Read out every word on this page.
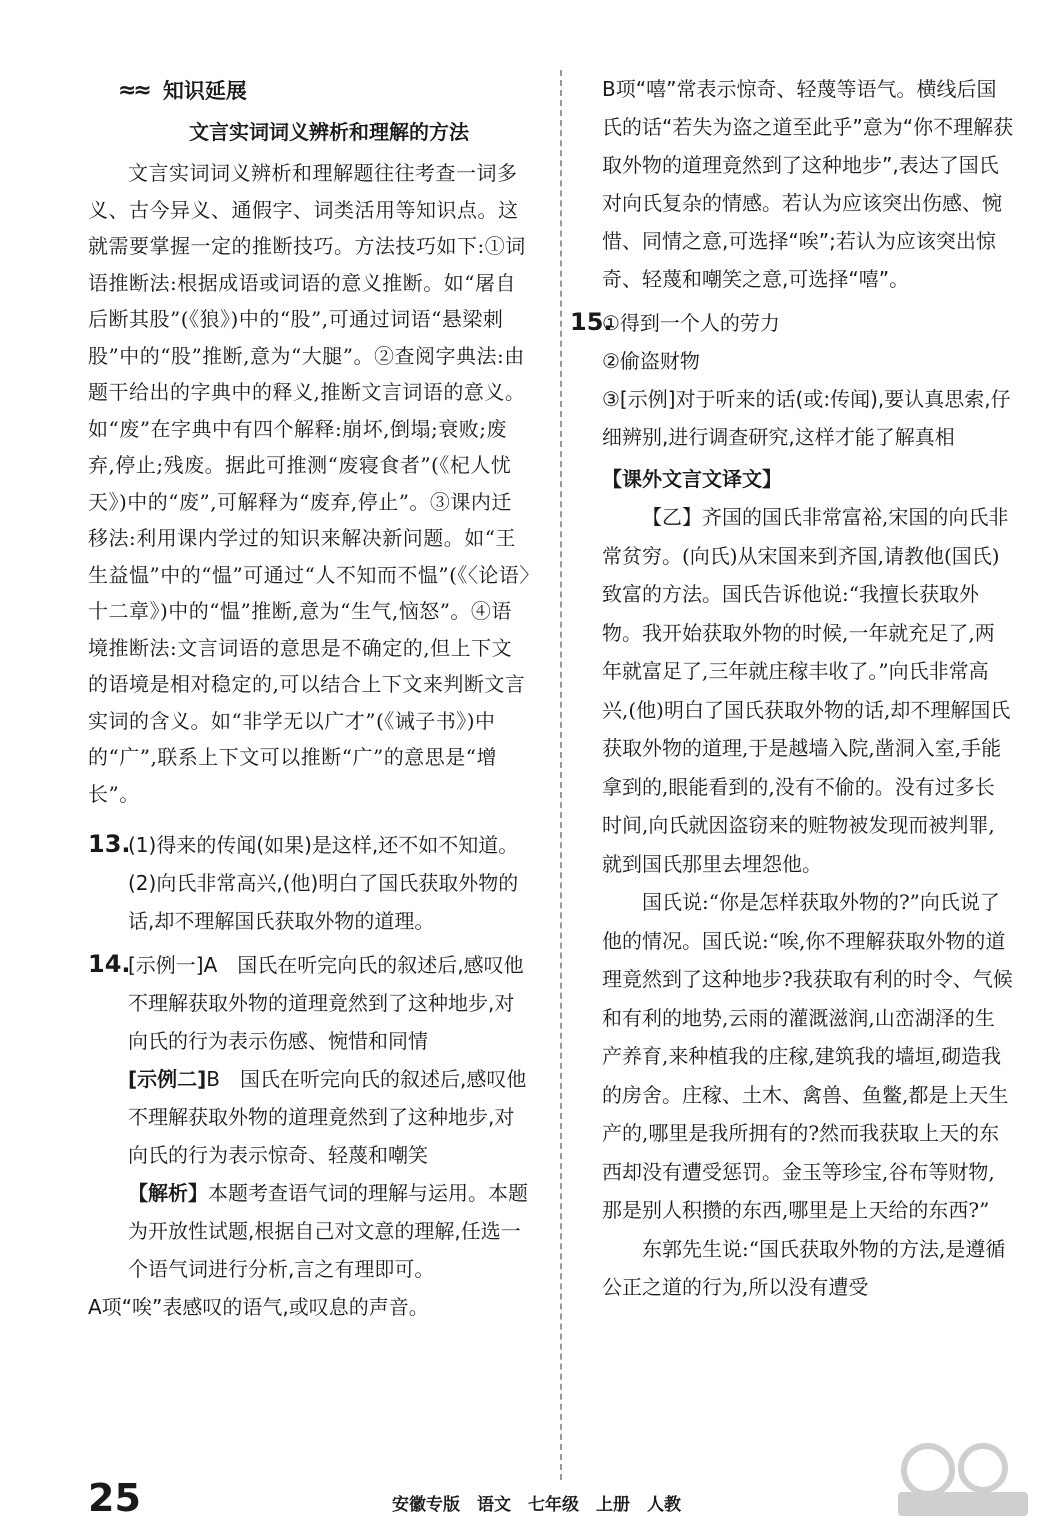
≈≈ 知识延展
文言实词词义辨析和理解的方法

文言实词词义辨析和理解题往往考查一词多义、古今异义、通假字、词类活用等知识点。这就需要掌握一定的推断技巧。方法技巧如下:①词语推断法:根据成语或词语的意义推断。如“屠自后断其股”(《狼》)中的“股”,可通过词语“悬梁刺股”中的“股”推断,意为“大腿”。②查阅字典法:由题干给出的字典中的释义,推断文言词语的意义。如“废”在字典中有四个解释:崩坏,倒塌;衰败;废弃,停止;残废。据此可推测“废寝食者”(《杞人忧天》)中的“废”,可解释为“废弃,停止”。③课内迁移法:利用课内学过的知识来解决新问题。如“王生益愠”中的“愠”可通过“人不知而不愠”(《〈论语〉十二章》)中的“愠”推断,意为“生气,恼怒”。④语境推断法:文言词语的意思是不确定的,但上下文的语境是相对稳定的,可以结合上下文来判断文言实词的含义。如“非学无以广才”(《诫子书》)中的“广”,联系上下文可以推断“广”的意思是“增长”。

13.

(1)得来的传闻(如果)是这样,还不如不知道。

(2)向氏非常高兴,(他)明白了国氏获取外物的话,却不理解国氏获取外物的道理。

14.

[示例一]A　国氏在听完向氏的叙述后,感叹他不理解获取外物的道理竟然到了这种地步,对向氏的行为表示伤感、惋惜和同情

[示例二]B　国氏在听完向氏的叙述后,感叹他不理解获取外物的道理竟然到了这种地步,对向氏的行为表示惊奇、轻蔑和嘲笑

【解析】本题考查语气词的理解与运用。本题为开放性试题,根据自己对文意的理解,任选一个语气词进行分析,言之有理即可。

A项“唉”表感叹的语气,或叹息的声音。

B项“嘻”常表示惊奇、轻蔑等语气。横线后国氏的话“若失为盗之道至此乎”意为“你不理解获取外物的道理竟然到了这种地步”,表达了国氏对向氏复杂的情感。若认为应该突出伤感、惋惜、同情之意,可选择“唉”;若认为应该突出惊奇、轻蔑和嘲笑之意,可选择“嘻”。

15.

①得到一个人的劳力

②偷盗财物

③[示例]对于听来的话(或:传闻),要认真思索,仔细辨别,进行调查研究,这样才能了解真相

【课外文言文译文】

【乙】齐国的国氏非常富裕,宋国的向氏非常贫穷。(向氏)从宋国来到齐国,请教他(国氏)致富的方法。国氏告诉他说:“我擅长获取外物。我开始获取外物的时候,一年就充足了,两年就富足了,三年就庄稼丰收了。”向氏非常高兴,(他)明白了国氏获取外物的话,却不理解国氏获取外物的道理,于是越墙入院,凿洞入室,手能拿到的,眼能看到的,没有不偷的。没有过多长时间,向氏就因盗窃来的赃物被发现而被判罪,就到国氏那里去埋怨他。

国氏说:“你是怎样获取外物的?”向氏说了他的情况。国氏说:“唉,你不理解获取外物的道理竟然到了这种地步?我获取有利的时令、气候和有利的地势,云雨的灌溉滋润,山峦湖泽的生产养育,来种植我的庄稼,建筑我的墙垣,砌造我的房舍。庄稼、土木、禽兽、鱼鳖,都是上天生产的,哪里是我所拥有的?然而我获取上天的东西却没有遭受惩罚。金玉等珍宝,谷布等财物,那是别人积攒的东西,哪里是上天给的东西?”

东郭先生说:“国氏获取外物的方法,是遵循公正之道的行为,所以没有遭受

25	安徽专版　语文　七年级　上册　人教
